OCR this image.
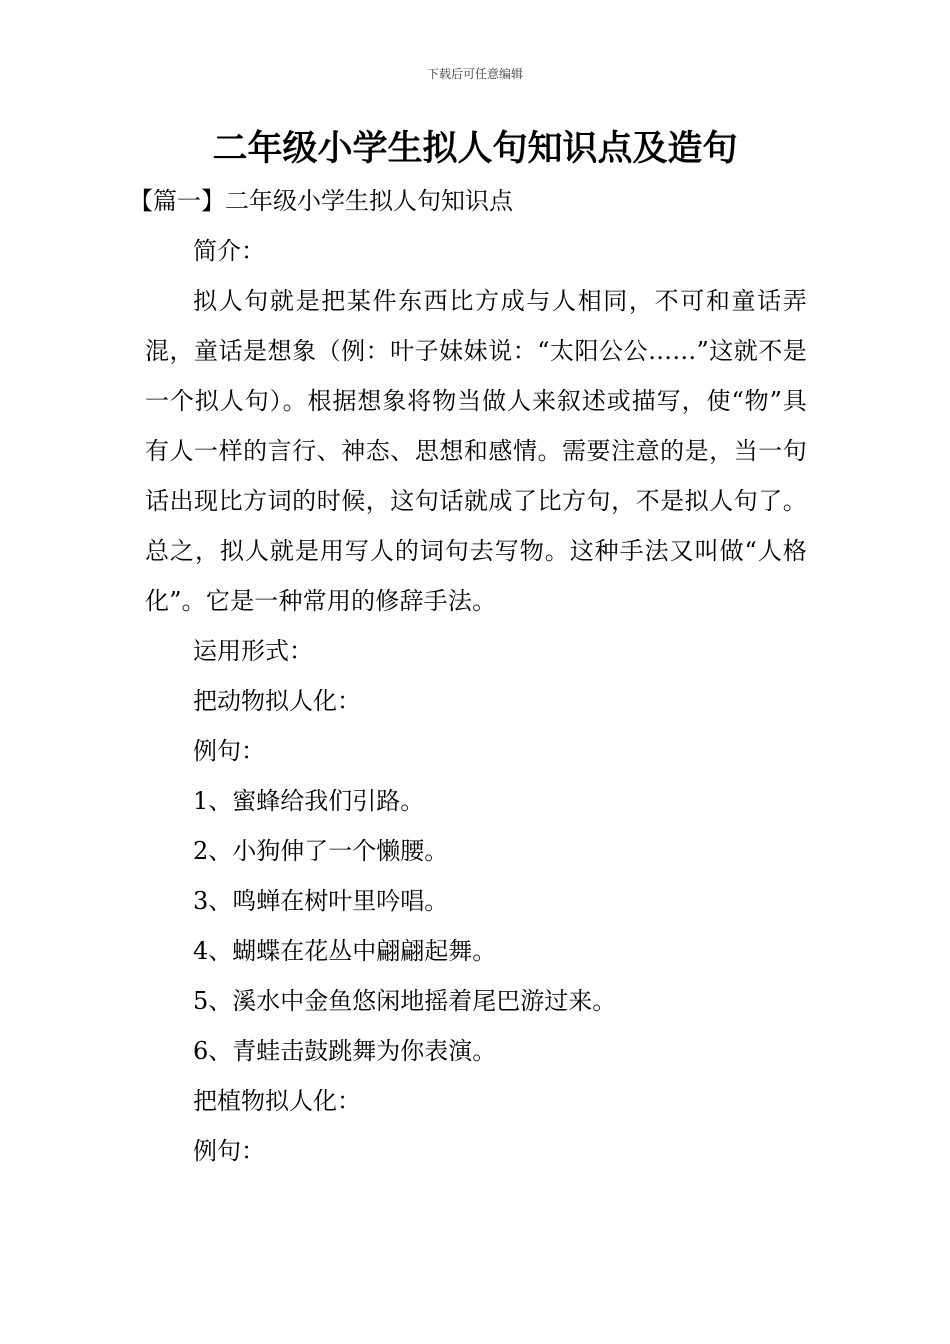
下载后可任意编辑
二年级小学生拟人句知识点及造句

【篇一】二年级小学生拟人句知识点

简介：

拟人句就是把某件东西比方成与人相同，不可和童话弄混，童话是想象（例：叶子妹妹说：“太阳公公……”这就不是一个拟人句）。根据想象将物当做人来叙述或描写，使“物”具有人一样的言行、神态、思想和感情。需要注意的是，当一句话出现比方词的时候，这句话就成了比方句，不是拟人句了。总之，拟人就是用写人的词句去写物。这种手法又叫做“人格化”。它是一种常用的修辞手法。

运用形式：

把动物拟人化：

例句：

1、蜜蜂给我们引路。

2、小狗伸了一个懒腰。

3、鸣蝉在树叶里吟唱。

4、蝴蝶在花丛中翩翩起舞。

5、溪水中金鱼悠闲地摇着尾巴游过来。

6、青蛙击鼓跳舞为你表演。

把植物拟人化：

例句：
